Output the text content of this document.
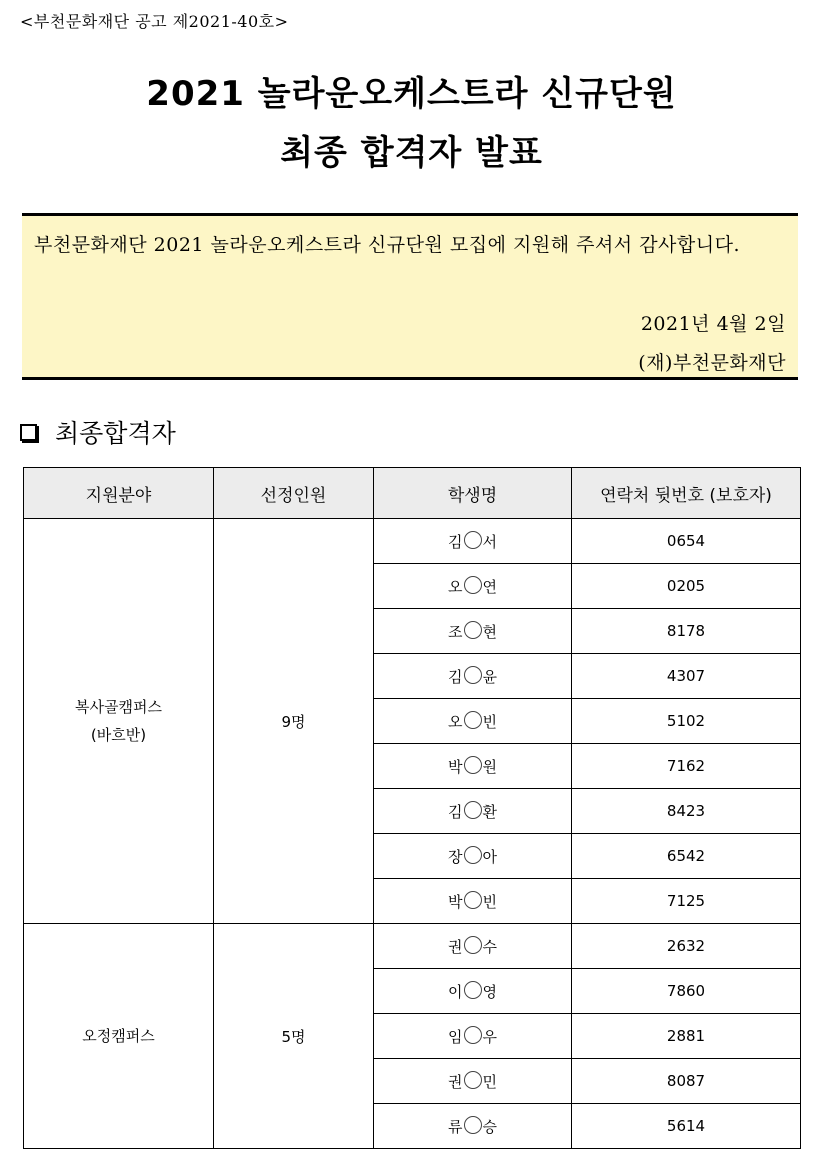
<부천문화재단 공고 제2021-40호>
2021 놀라운오케스트라 신규단원
최종 합격자 발표
부천문화재단 2021 놀라운오케스트라 신규단원 모집에 지원해 주셔서 감사합니다.
2021년 4월 2일
(재)부천문화재단
최종합격자
지원분야	선정인원	학생명	연락처 뒷번호 (보호자)

복사골캠퍼스
(바흐반)	9명	김 서	0654
		오 연	0205
		조 현	8178
		김 윤	4307
		오 빈	5102
		박 원	7162
		김 환	8423
		장 아	6542
		박 빈	7125

오정캠퍼스	5명	권 수	2632
		이 영	7860
		임 우	2881
		권 민	8087
		류 승	5614
